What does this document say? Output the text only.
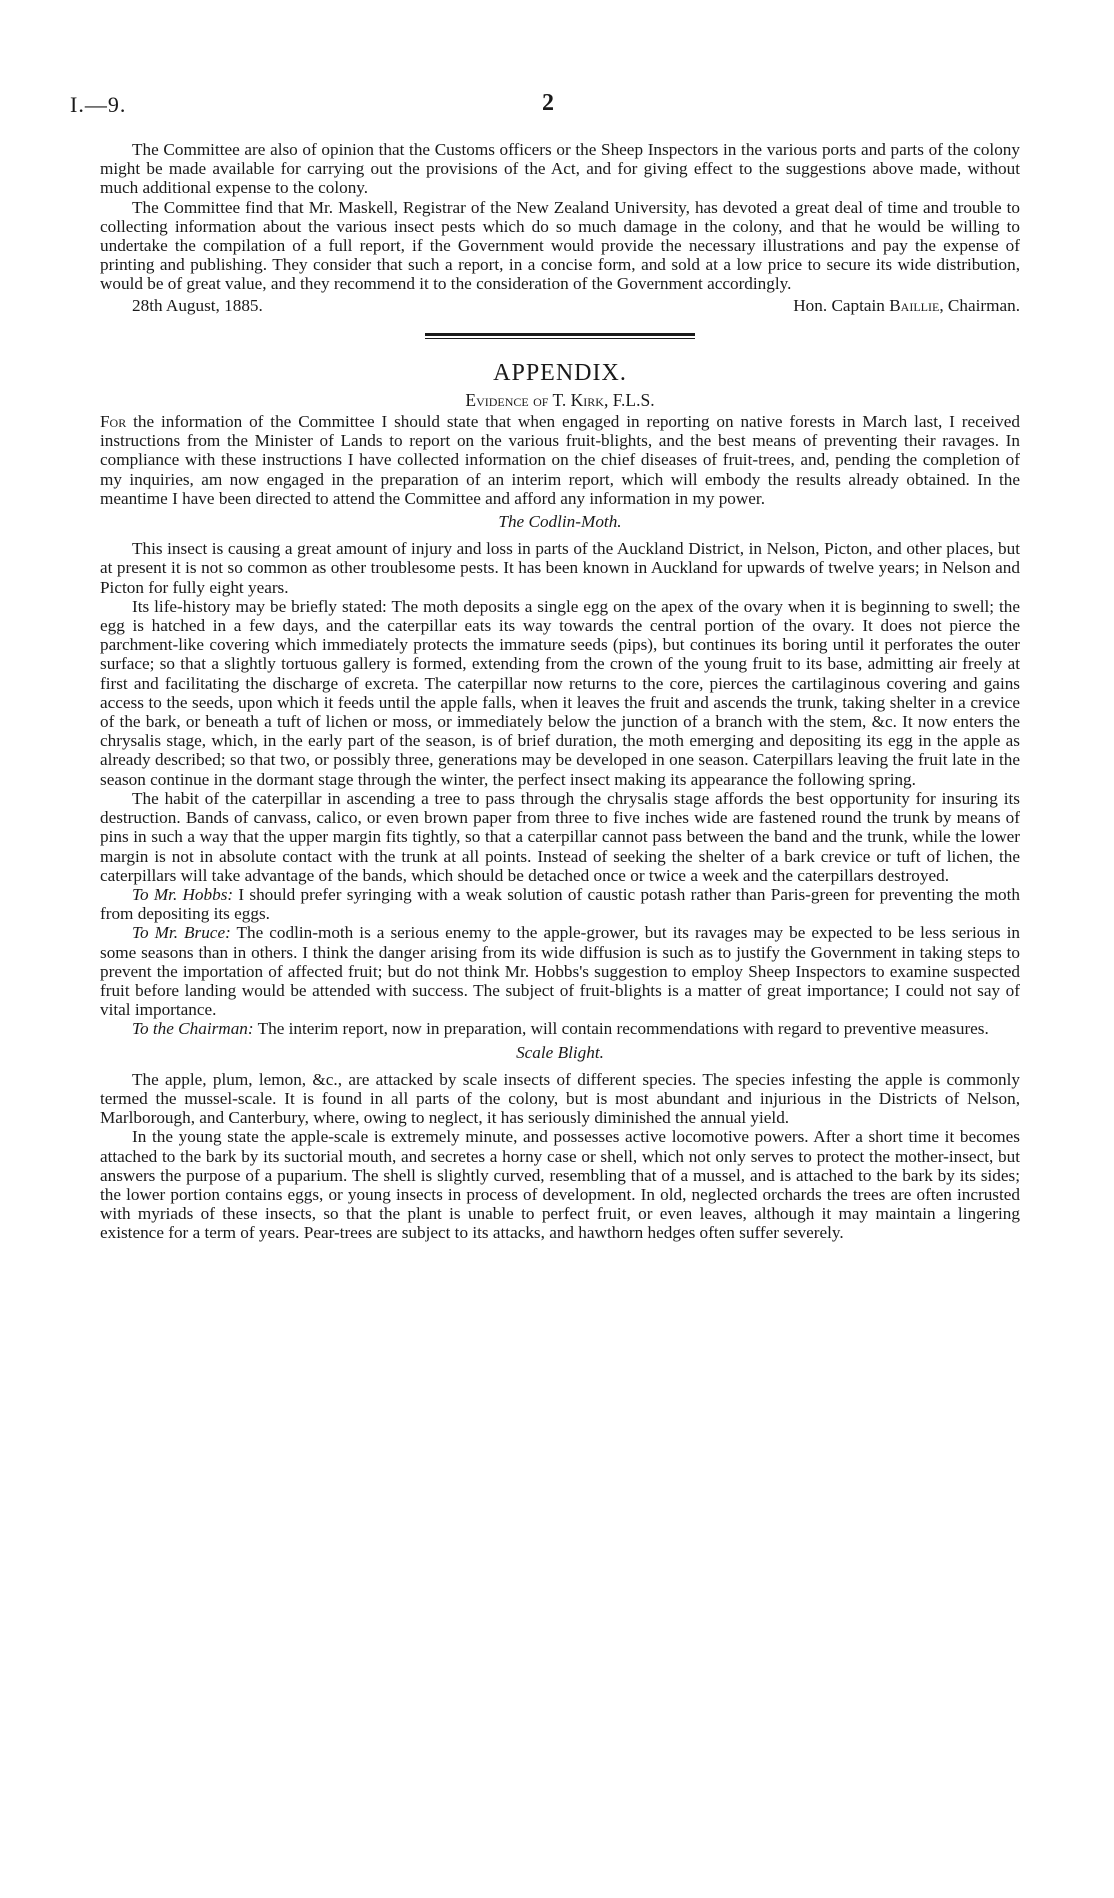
I.—9.	2

The Committee are also of opinion that the Customs officers or the Sheep Inspectors in the various ports and parts of the colony might be made available for carrying out the provisions of the Act, and for giving effect to the suggestions above made, without much additional expense to the colony.

The Committee find that Mr. Maskell, Registrar of the New Zealand University, has devoted a great deal of time and trouble to collecting information about the various insect pests which do so much damage in the colony, and that he would be willing to undertake the compilation of a full report, if the Government would provide the necessary illustrations and pay the expense of printing and publishing. They consider that such a report, in a concise form, and sold at a low price to secure its wide distribution, would be of great value, and they recommend it to the consideration of the Government accordingly.

28th August, 1885.	Hon. Captain Baillie, Chairman.
APPENDIX.
Evidence of T. Kirk, F.L.S.

For the information of the Committee I should state that when engaged in reporting on native forests in March last, I received instructions from the Minister of Lands to report on the various fruit-blights, and the best means of preventing their ravages. In compliance with these instructions I have collected information on the chief diseases of fruit-trees, and, pending the completion of my inquiries, am now engaged in the preparation of an interim report, which will embody the results already obtained. In the meantime I have been directed to attend the Committee and afford any information in my power.

The Codlin-Moth.

This insect is causing a great amount of injury and loss in parts of the Auckland District, in Nelson, Picton, and other places, but at present it is not so common as other troublesome pests. It has been known in Auckland for upwards of twelve years; in Nelson and Picton for fully eight years.

Its life-history may be briefly stated: The moth deposits a single egg on the apex of the ovary when it is beginning to swell; the egg is hatched in a few days, and the caterpillar eats its way towards the central portion of the ovary. It does not pierce the parchment-like covering which immediately protects the immature seeds (pips), but continues its boring until it perforates the outer surface; so that a slightly tortuous gallery is formed, extending from the crown of the young fruit to its base, admitting air freely at first and facilitating the discharge of excreta. The caterpillar now returns to the core, pierces the cartilaginous covering and gains access to the seeds, upon which it feeds until the apple falls, when it leaves the fruit and ascends the trunk, taking shelter in a crevice of the bark, or beneath a tuft of lichen or moss, or immediately below the junction of a branch with the stem, &c. It now enters the chrysalis stage, which, in the early part of the season, is of brief duration, the moth emerging and depositing its egg in the apple as already described; so that two, or possibly three, generations may be developed in one season. Caterpillars leaving the fruit late in the season continue in the dormant stage through the winter, the perfect insect making its appearance the following spring.

The habit of the caterpillar in ascending a tree to pass through the chrysalis stage affords the best opportunity for insuring its destruction. Bands of canvass, calico, or even brown paper from three to five inches wide are fastened round the trunk by means of pins in such a way that the upper margin fits tightly, so that a caterpillar cannot pass between the band and the trunk, while the lower margin is not in absolute contact with the trunk at all points. Instead of seeking the shelter of a bark crevice or tuft of lichen, the caterpillars will take advantage of the bands, which should be detached once or twice a week and the caterpillars destroyed.

To Mr. Hobbs: I should prefer syringing with a weak solution of caustic potash rather than Paris-green for preventing the moth from depositing its eggs.

To Mr. Bruce: The codlin-moth is a serious enemy to the apple-grower, but its ravages may be expected to be less serious in some seasons than in others. I think the danger arising from its wide diffusion is such as to justify the Government in taking steps to prevent the importation of affected fruit; but do not think Mr. Hobbs's suggestion to employ Sheep Inspectors to examine suspected fruit before landing would be attended with success. The subject of fruit-blights is a matter of great importance; I could not say of vital importance.

To the Chairman: The interim report, now in preparation, will contain recommendations with regard to preventive measures.

Scale Blight.

The apple, plum, lemon, &c., are attacked by scale insects of different species. The species infesting the apple is commonly termed the mussel-scale. It is found in all parts of the colony, but is most abundant and injurious in the Districts of Nelson, Marlborough, and Canterbury, where, owing to neglect, it has seriously diminished the annual yield.

In the young state the apple-scale is extremely minute, and possesses active locomotive powers. After a short time it becomes attached to the bark by its suctorial mouth, and secretes a horny case or shell, which not only serves to protect the mother-insect, but answers the purpose of a puparium. The shell is slightly curved, resembling that of a mussel, and is attached to the bark by its sides; the lower portion contains eggs, or young insects in process of development. In old, neglected orchards the trees are often incrusted with myriads of these insects, so that the plant is unable to perfect fruit, or even leaves, although it may maintain a lingering existence for a term of years. Pear-trees are subject to its attacks, and hawthorn hedges often suffer severely.
